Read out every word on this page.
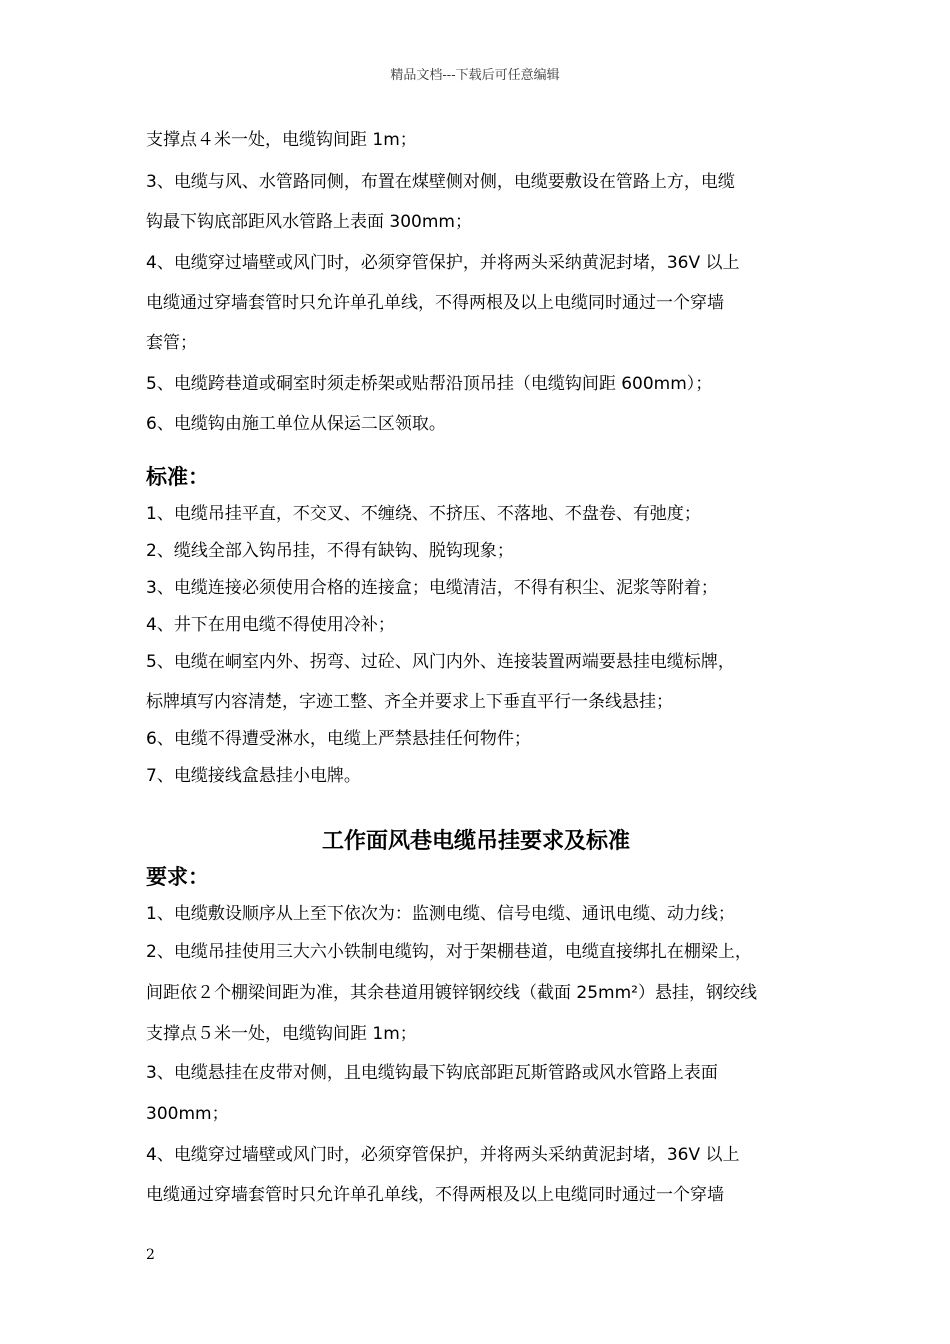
精品文档---下载后可任意编辑
支撑点４米一处，电缆钩间距 1m；
3、电缆与风、水管路同侧，布置在煤壁侧对侧，电缆要敷设在管路上方，电缆
钩最下钩底部距风水管路上表面 300mm；
4、电缆穿过墙壁或风门时，必须穿管保护，并将两头采纳黄泥封堵，36V 以上
电缆通过穿墙套管时只允许单孔单线，不得两根及以上电缆同时通过一个穿墙
套管；
5、电缆跨巷道或硐室时须走桥架或贴帮沿顶吊挂（电缆钩间距 600mm）；
6、电缆钩由施工单位从保运二区领取。
标准：
1、电缆吊挂平直，不交叉、不缠绕、不挤压、不落地、不盘卷、有弛度；
2、缆线全部入钩吊挂，不得有缺钩、脱钩现象；
3、电缆连接必须使用合格的连接盒；电缆清洁，不得有积尘、泥浆等附着；
4、井下在用电缆不得使用冷补；
5、电缆在峒室内外、拐弯、过砼、风门内外、连接装置两端要悬挂电缆标牌，
标牌填写内容清楚，字迹工整、齐全并要求上下垂直平行一条线悬挂；
6、电缆不得遭受淋水，电缆上严禁悬挂任何物件；
7、电缆接线盒悬挂小电牌。
工作面风巷电缆吊挂要求及标准
要求：
1、电缆敷设顺序从上至下依次为：监测电缆、信号电缆、通讯电缆、动力线；
2、电缆吊挂使用三大六小铁制电缆钩，对于架棚巷道，电缆直接绑扎在棚梁上，
间距依２个棚梁间距为准，其余巷道用镀锌钢绞线（截面 25mm²）悬挂，钢绞线
支撑点５米一处，电缆钩间距 1m；
3、电缆悬挂在皮带对侧，且电缆钩最下钩底部距瓦斯管路或风水管路上表面
300mm；
4、电缆穿过墙壁或风门时，必须穿管保护，并将两头采纳黄泥封堵，36V 以上
电缆通过穿墙套管时只允许单孔单线，不得两根及以上电缆同时通过一个穿墙
2
